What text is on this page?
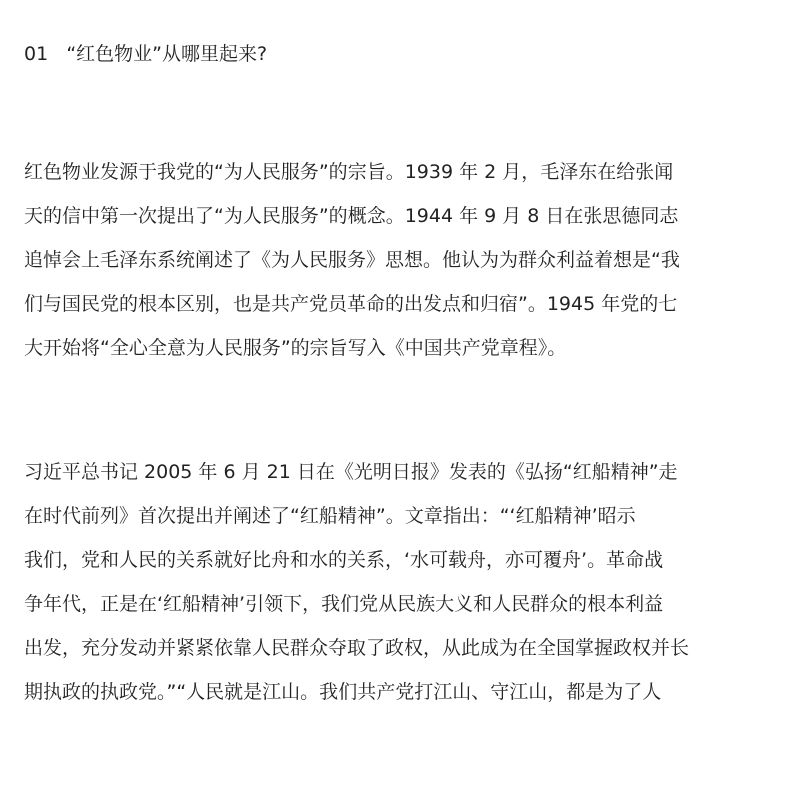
01 “红色物业”从哪里起来?
红色物业发源于我党的“为人民服务”的宗旨。1939 年 2 月，毛泽东在给张闻
天的信中第一次提出了“为人民服务”的概念。1944 年 9 月 8 日在张思德同志
追悼会上毛泽东系统阐述了《为人民服务》思想。他认为为群众利益着想是“我
们与国民党的根本区别，也是共产党员革命的出发点和归宿”。1945 年党的七
大开始将“全心全意为人民服务”的宗旨写入《中国共产党章程》。
习近平总书记 2005 年 6 月 21 日在《光明日报》发表的《弘扬“红船精神”走
在时代前列》首次提出并阐述了“红船精神”。文章指出：“‘红船精神’昭示
我们，党和人民的关系就好比舟和水的关系，‘水可载舟，亦可覆舟’。革命战
争年代，正是在‘红船精神’引领下，我们党从民族大义和人民群众的根本利益
出发，充分发动并紧紧依靠人民群众夺取了政权，从此成为在全国掌握政权并长
期执政的执政党。”“人民就是江山。我们共产党打江山、守江山，都是为了人
